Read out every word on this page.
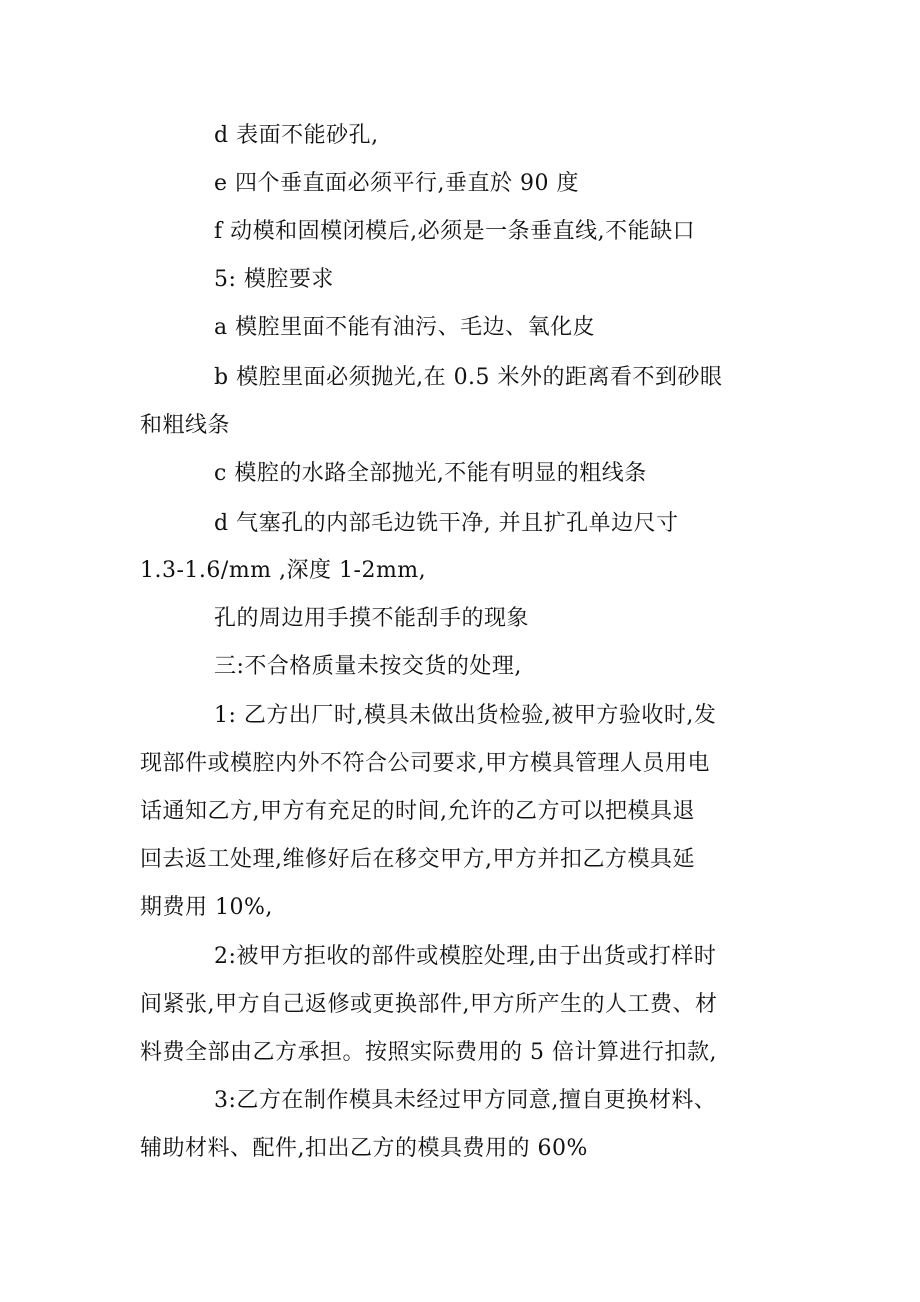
d 表面不能砂孔,
e 四个垂直面必须平行,垂直於 90 度
f 动模和固模闭模后,必须是一条垂直线,不能缺口
5: 模腔要求
a 模腔里面不能有油污、毛边、氧化皮
b 模腔里面必须抛光,在 0.5 米外的距离看不到砂眼
和粗线条
c 模腔的水路全部抛光,不能有明显的粗线条
d 气塞孔的内部毛边铣干净, 并且扩孔单边尺寸
1.3-1.6/mm ,深度 1-2mm,
孔的周边用手摸不能刮手的现象
三:不合格质量未按交货的处理,
1: 乙方出厂时,模具未做出货检验,被甲方验收时,发
现部件或模腔内外不符合公司要求,甲方模具管理人员用电
话通知乙方,甲方有充足的时间,允许的乙方可以把模具退
回去返工处理,维修好后在移交甲方,甲方并扣乙方模具延
期费用 10%,
2:被甲方拒收的部件或模腔处理,由于出货或打样时
间紧张,甲方自己返修或更换部件,甲方所产生的人工费、材
料费全部由乙方承担。按照实际费用的 5 倍计算进行扣款,
3:乙方在制作模具未经过甲方同意,擅自更换材料、
辅助材料、配件,扣出乙方的模具费用的 60%
